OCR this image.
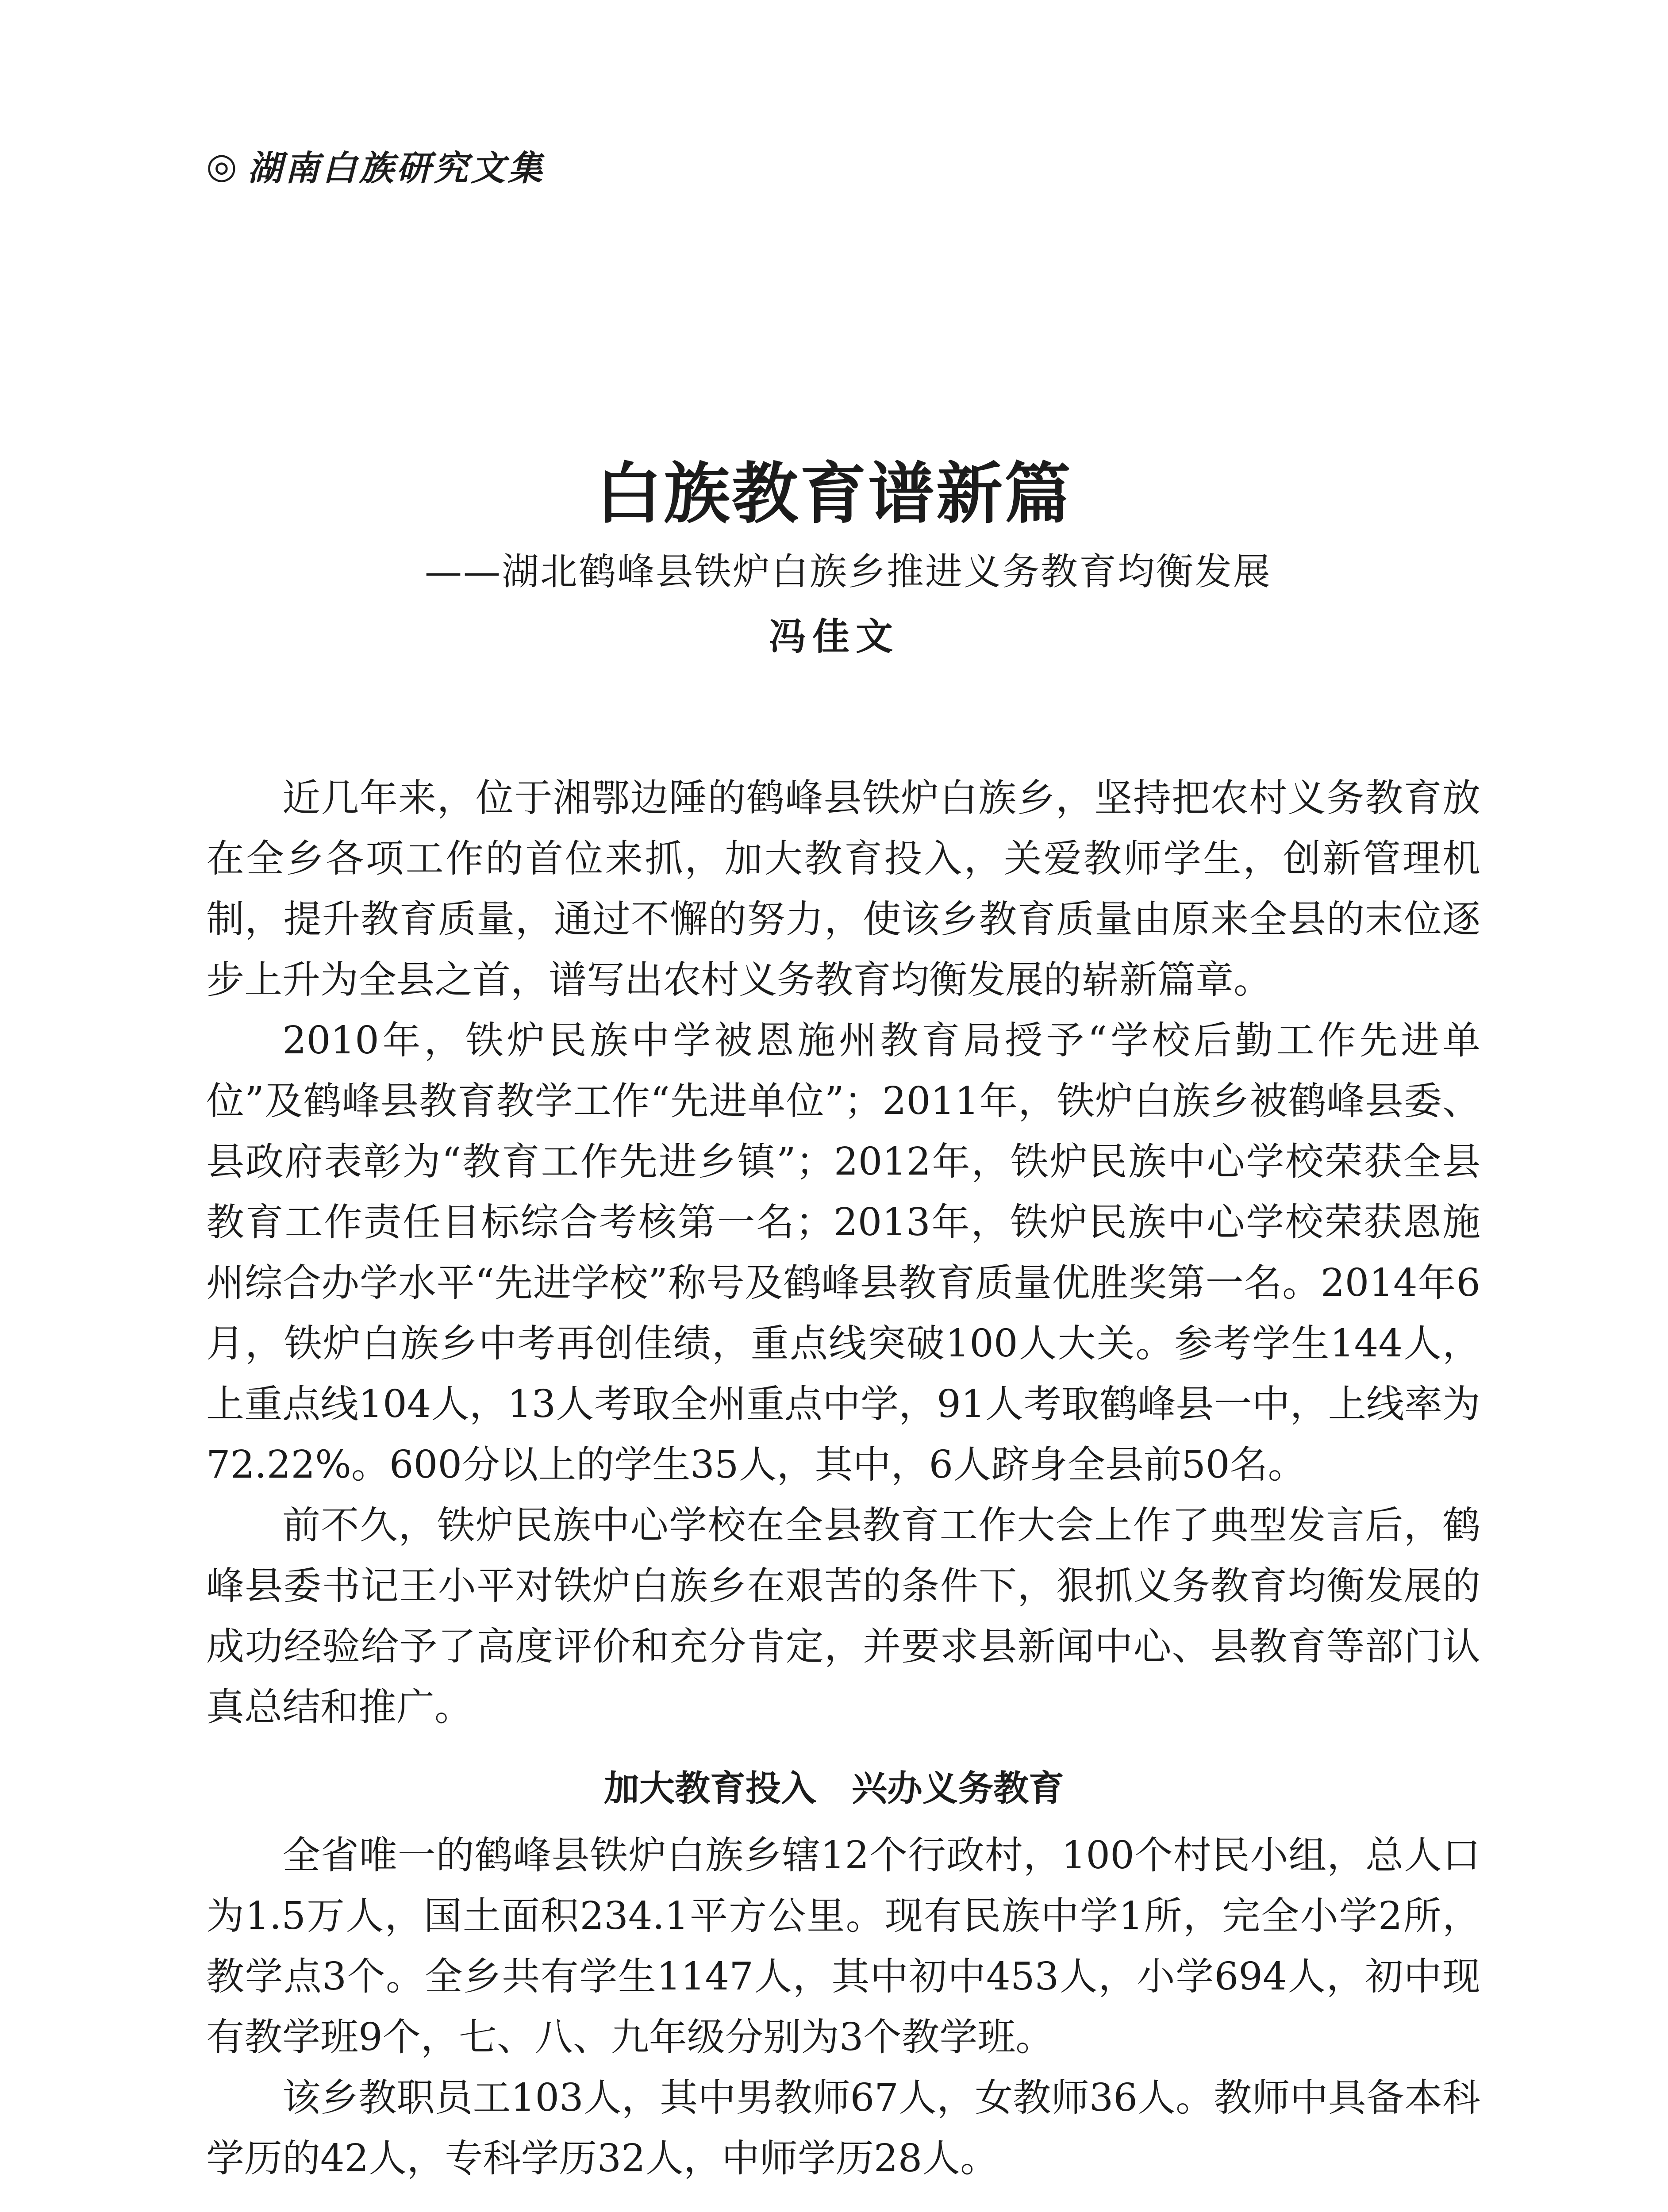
◎ 湖南白族研究文集
白族教育谱新篇
——湖北鹤峰县铁炉白族乡推进义务教育均衡发展
冯佳文

近几年来，位于湘鄂边陲的鹤峰县铁炉白族乡，坚持把农村义务教育放在全乡各项工作的首位来抓，加大教育投入，关爱教师学生，创新管理机制，提升教育质量，通过不懈的努力，使该乡教育质量由原来全县的末位逐步上升为全县之首，谱写出农村义务教育均衡发展的崭新篇章。

2010年，铁炉民族中学被恩施州教育局授予“学校后勤工作先进单位”及鹤峰县教育教学工作“先进单位”；2011年，铁炉白族乡被鹤峰县委、县政府表彰为“教育工作先进乡镇”；2012年，铁炉民族中心学校荣获全县教育工作责任目标综合考核第一名；2013年，铁炉民族中心学校荣获恩施州综合办学水平“先进学校”称号及鹤峰县教育质量优胜奖第一名。2014年6月，铁炉白族乡中考再创佳绩，重点线突破100人大关。参考学生144人，上重点线104人，13人考取全州重点中学，91人考取鹤峰县一中，上线率为72.22%。600分以上的学生35人，其中，6人跻身全县前50名。

前不久，铁炉民族中心学校在全县教育工作大会上作了典型发言后，鹤峰县委书记王小平对铁炉白族乡在艰苦的条件下，狠抓义务教育均衡发展的成功经验给予了高度评价和充分肯定，并要求县新闻中心、县教育等部门认真总结和推广。

加大教育投入　兴办义务教育

全省唯一的鹤峰县铁炉白族乡辖12个行政村，100个村民小组，总人口为1.5万人，国土面积234.1平方公里。现有民族中学1所，完全小学2所，教学点3个。全乡共有学生1147人，其中初中453人，小学694人，初中现有教学班9个，七、八、九年级分别为3个教学班。

该乡教职员工103人，其中男教师67人，女教师36人。教师中具备本科学历的42人，专科学历32人，中师学历28人。
